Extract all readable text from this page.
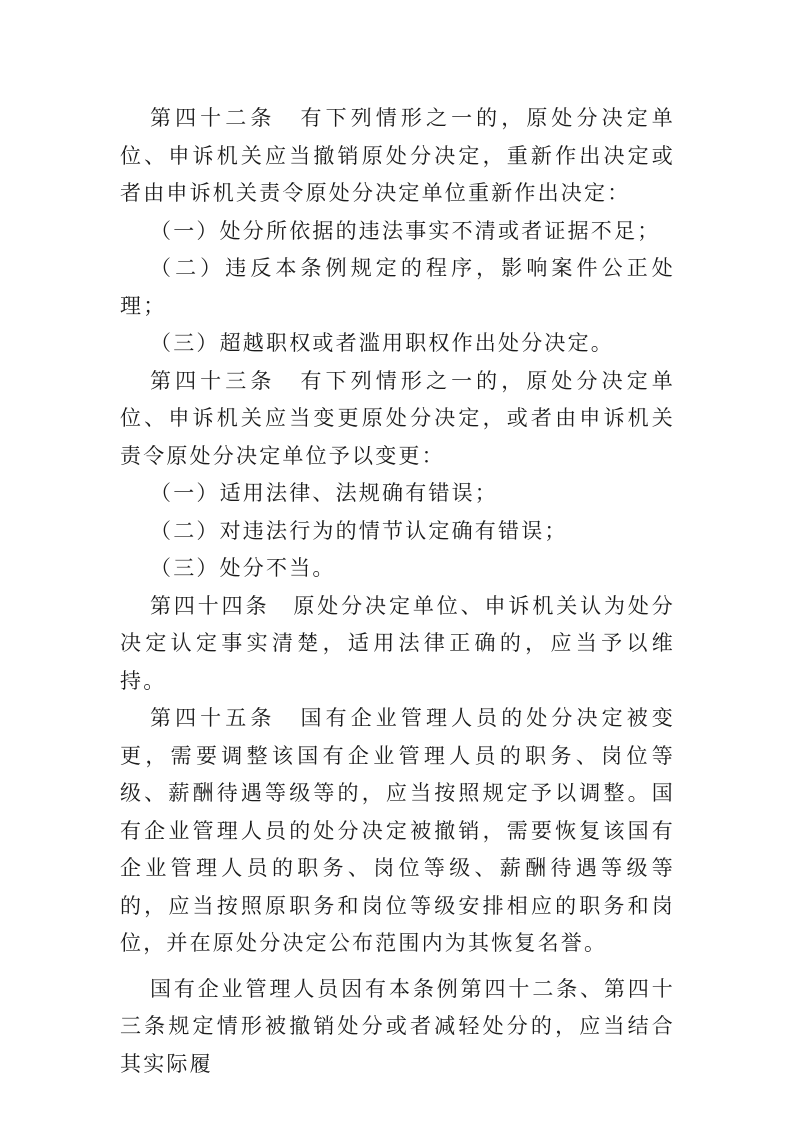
第四十二条　有下列情形之一的，原处分决定单位、申诉机关应当撤销原处分决定，重新作出决定或者由申诉机关责令原处分决定单位重新作出决定：

（一）处分所依据的违法事实不清或者证据不足；

（二）违反本条例规定的程序，影响案件公正处理；

（三）超越职权或者滥用职权作出处分决定。

第四十三条　有下列情形之一的，原处分决定单位、申诉机关应当变更原处分决定，或者由申诉机关责令原处分决定单位予以变更：

（一）适用法律、法规确有错误；

（二）对违法行为的情节认定确有错误；

（三）处分不当。

第四十四条　原处分决定单位、申诉机关认为处分决定认定事实清楚，适用法律正确的，应当予以维持。

第四十五条　国有企业管理人员的处分决定被变更，需要调整该国有企业管理人员的职务、岗位等级、薪酬待遇等级等的，应当按照规定予以调整。国有企业管理人员的处分决定被撤销，需要恢复该国有企业管理人员的职务、岗位等级、薪酬待遇等级等的，应当按照原职务和岗位等级安排相应的职务和岗位，并在原处分决定公布范围内为其恢复名誉。

国有企业管理人员因有本条例第四十二条、第四十三条规定情形被撤销处分或者减轻处分的，应当结合其实际履
